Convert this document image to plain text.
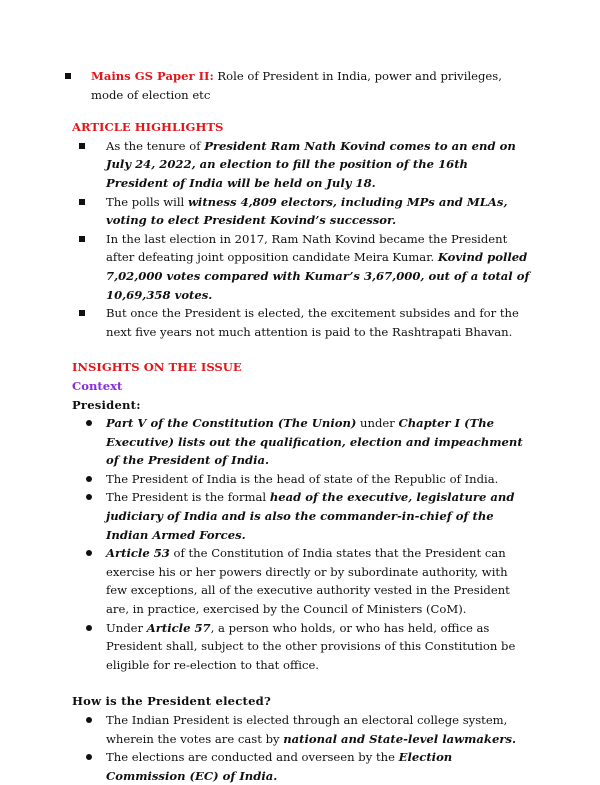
Mains GS Paper II: Role of President in India, power and privileges, mode of election etc
ARTICLE HIGHLIGHTS
As the tenure of President Ram Nath Kovind comes to an end on July 24, 2022, an election to fill the position of the 16th President of India will be held on July 18.
The polls will witness 4,809 electors, including MPs and MLAs, voting to elect President Kovind’s successor.
In the last election in 2017, Ram Nath Kovind became the President after defeating joint opposition candidate Meira Kumar. Kovind polled 7,02,000 votes compared with Kumar’s 3,67,000, out of a total of 10,69,358 votes.
But once the President is elected, the excitement subsides and for the next five years not much attention is paid to the Rashtrapati Bhavan.
INSIGHTS ON THE ISSUE
Context
President:
Part V of the Constitution (The Union) under Chapter I (The Executive) lists out the qualification, election and impeachment of the President of India.
The President of India is the head of state of the Republic of India.
The President is the formal head of the executive, legislature and judiciary of India and is also the commander-in-chief of the Indian Armed Forces.
Article 53 of the Constitution of India states that the President can exercise his or her powers directly or by subordinate authority, with few exceptions, all of the executive authority vested in the President are, in practice, exercised by the Council of Ministers (CoM).
Under Article 57, a person who holds, or who has held, office as President shall, subject to the other provisions of this Constitution be eligible for re-election to that office.
How is the President elected?
The Indian President is elected through an electoral college system, wherein the votes are cast by national and State-level lawmakers.
The elections are conducted and overseen by the Election Commission (EC) of India.
